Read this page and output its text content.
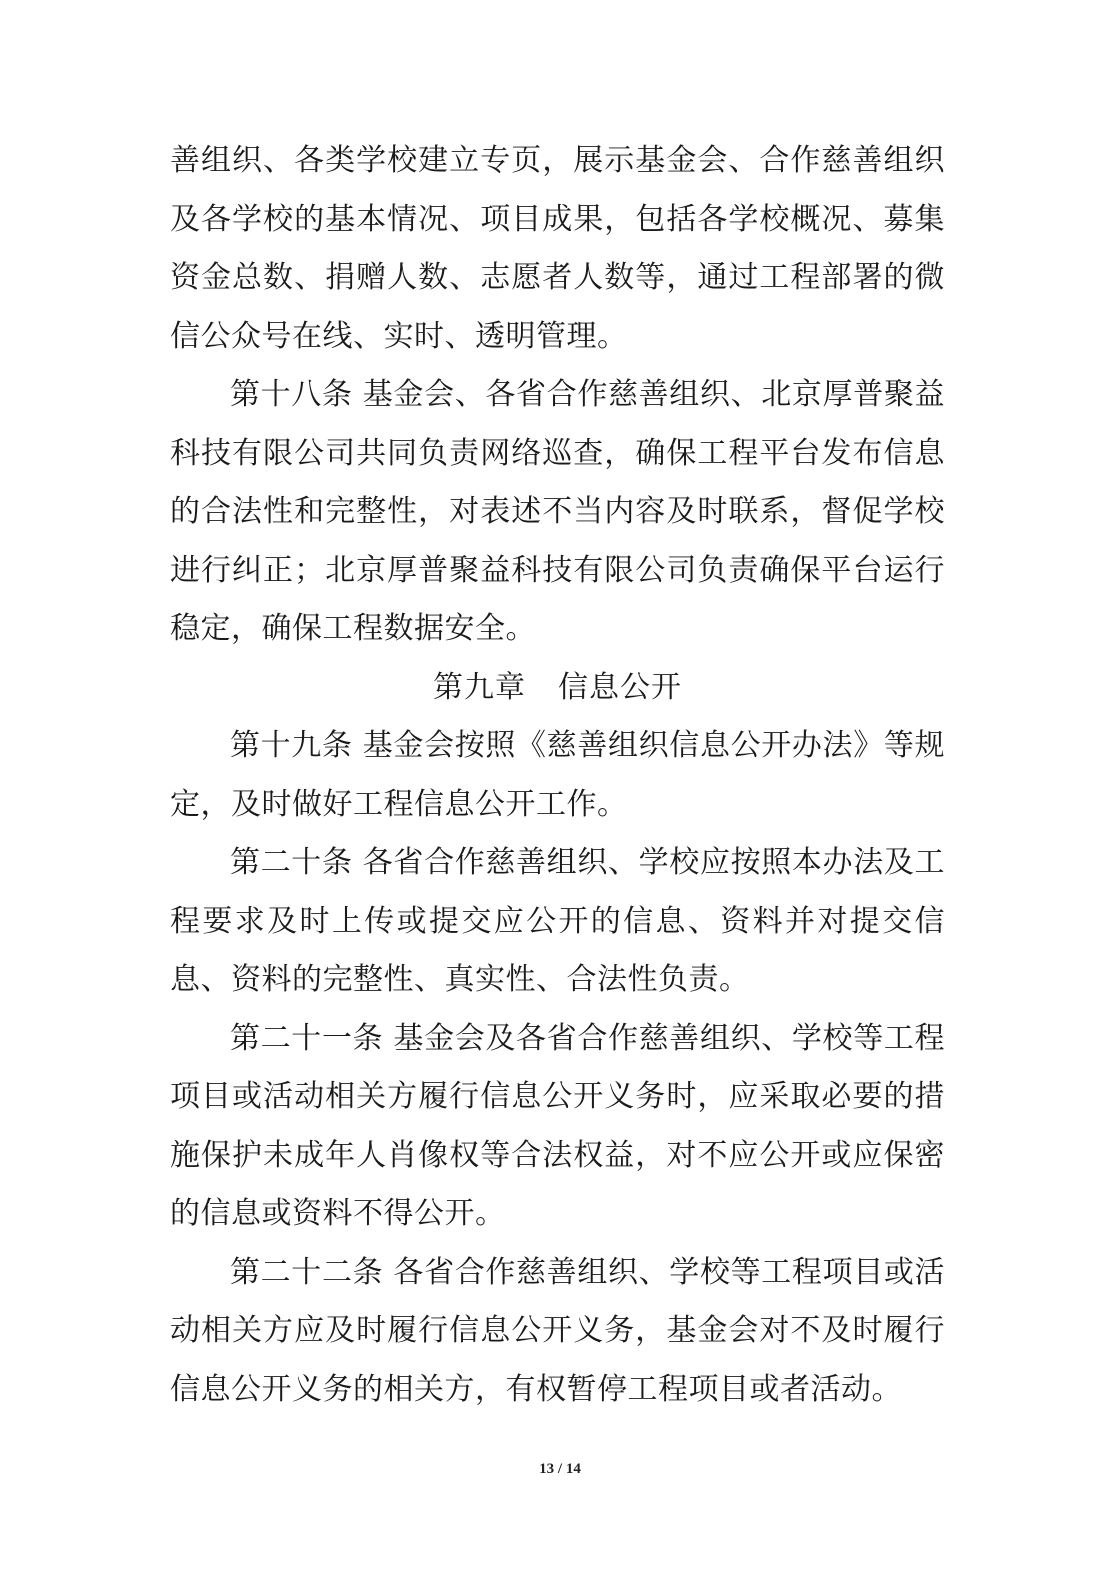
善组织、各类学校建立专页，展示基金会、合作慈善组织及各学校的基本情况、项目成果，包括各学校概况、募集资金总数、捐赠人数、志愿者人数等，通过工程部署的微信公众号在线、实时、透明管理。

第十八条 基金会、各省合作慈善组织、北京厚普聚益科技有限公司共同负责网络巡查，确保工程平台发布信息的合法性和完整性，对表述不当内容及时联系，督促学校进行纠正；北京厚普聚益科技有限公司负责确保平台运行稳定，确保工程数据安全。

第九章 信息公开

第十九条 基金会按照《慈善组织信息公开办法》等规定，及时做好工程信息公开工作。

第二十条 各省合作慈善组织、学校应按照本办法及工程要求及时上传或提交应公开的信息、资料并对提交信息、资料的完整性、真实性、合法性负责。

第二十一条 基金会及各省合作慈善组织、学校等工程项目或活动相关方履行信息公开义务时，应采取必要的措施保护未成年人肖像权等合法权益，对不应公开或应保密的信息或资料不得公开。

第二十二条 各省合作慈善组织、学校等工程项目或活动相关方应及时履行信息公开义务，基金会对不及时履行信息公开义务的相关方，有权暂停工程项目或者活动。

13 / 14
